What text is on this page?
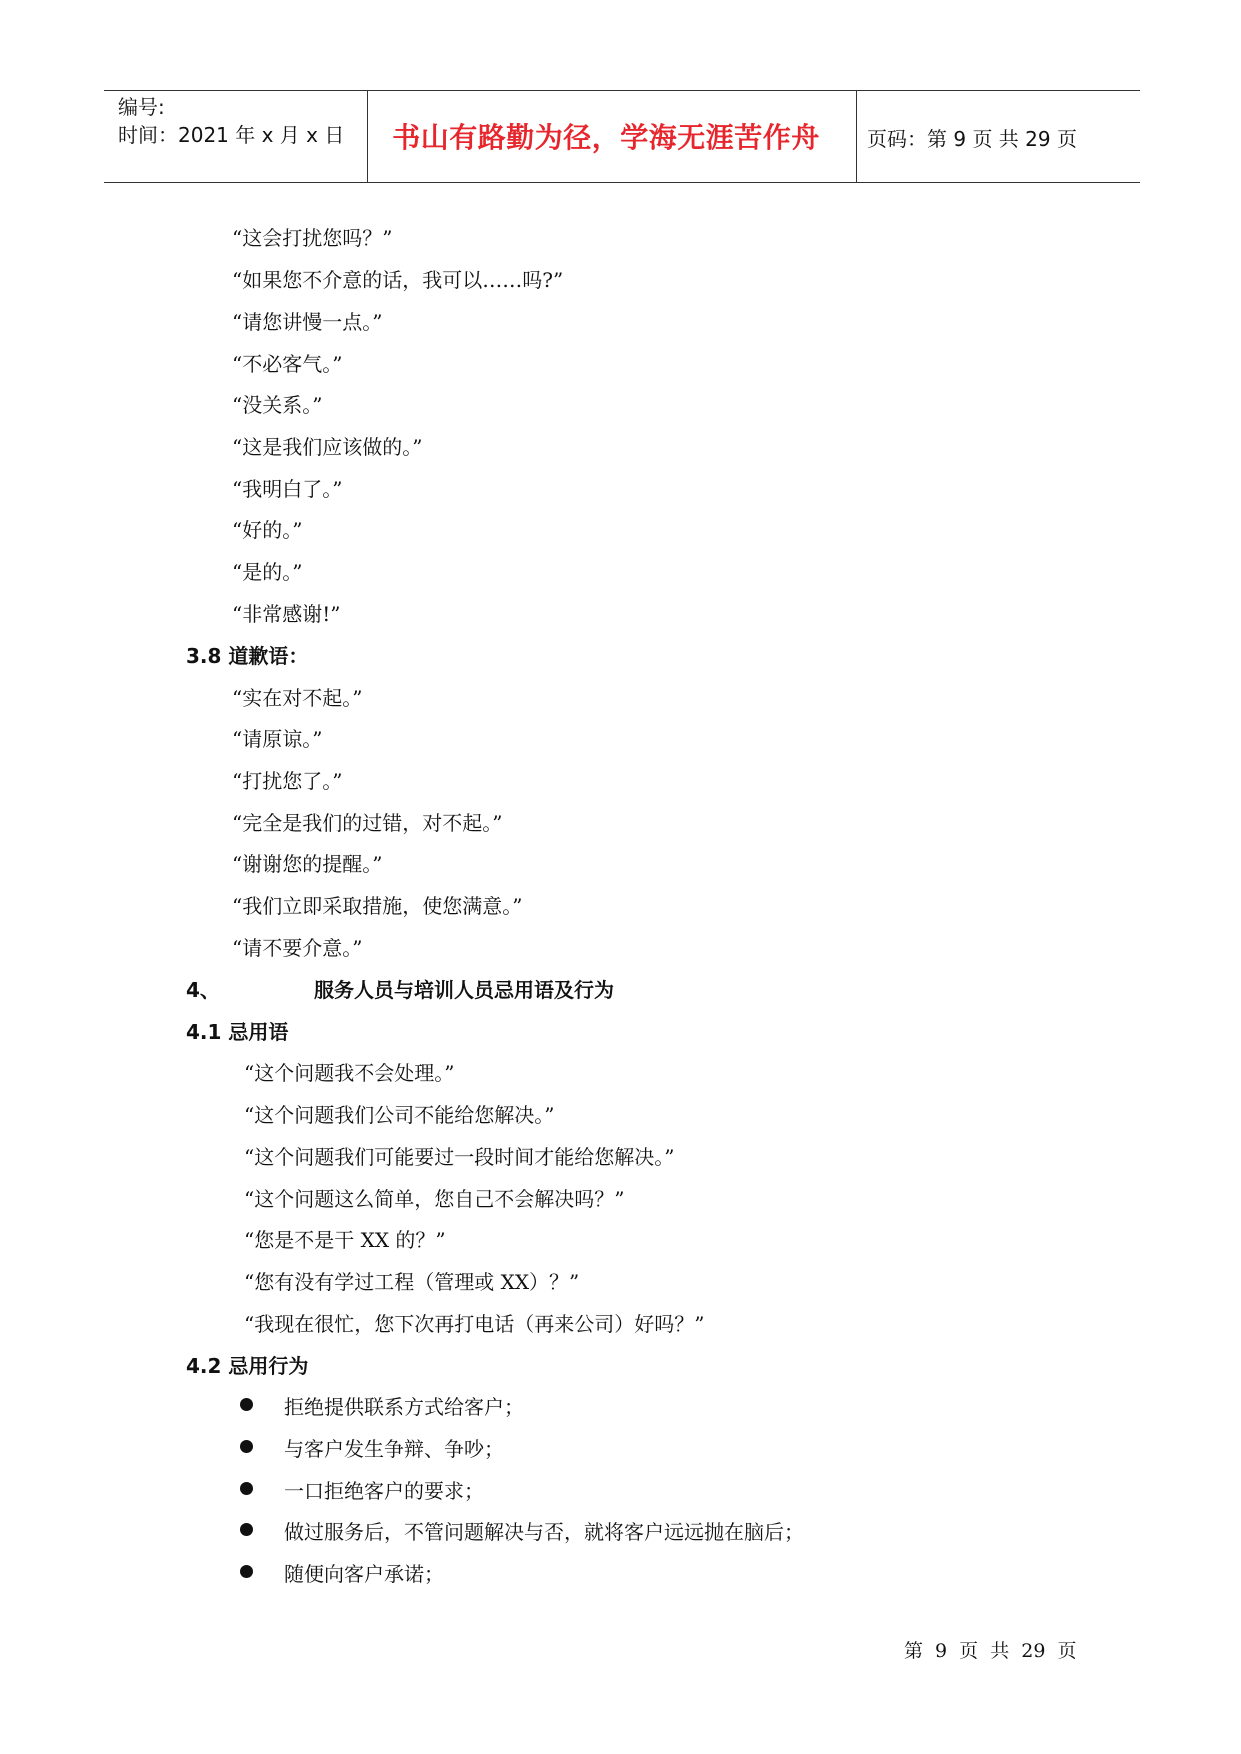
编号:
时间：2021 年 x 月 x 日	书山有路勤为径，学海无涯苦作舟	页码：第 9 页 共 29 页
“这会打扰您吗？”
“如果您不介意的话，我可以……吗?”
“请您讲慢一点。”
“不必客气。”
“没关系。”
“这是我们应该做的。”
“我明白了。”
“好的。”
“是的。”
“非常感谢!”
3.8 道歉语：
“实在对不起。”
“请原谅。”
“打扰您了。”
“完全是我们的过错，对不起。”
“谢谢您的提醒。”
“我们立即采取措施，使您满意。”
“请不要介意。”
4、	服务人员与培训人员忌用语及行为
4.1 忌用语
“这个问题我不会处理。”
“这个问题我们公司不能给您解决。”
“这个问题我们可能要过一段时间才能给您解决。”
“这个问题这么简单，您自己不会解决吗？”
“您是不是干 XX 的？”
“您有没有学过工程（管理或 XX）？”
“我现在很忙，您下次再打电话（再来公司）好吗？”
4.2 忌用行为
拒绝提供联系方式给客户；
与客户发生争辩、争吵；
一口拒绝客户的要求；
做过服务后，不管问题解决与否，就将客户远远抛在脑后；
随便向客户承诺；
第 9 页 共 29 页
